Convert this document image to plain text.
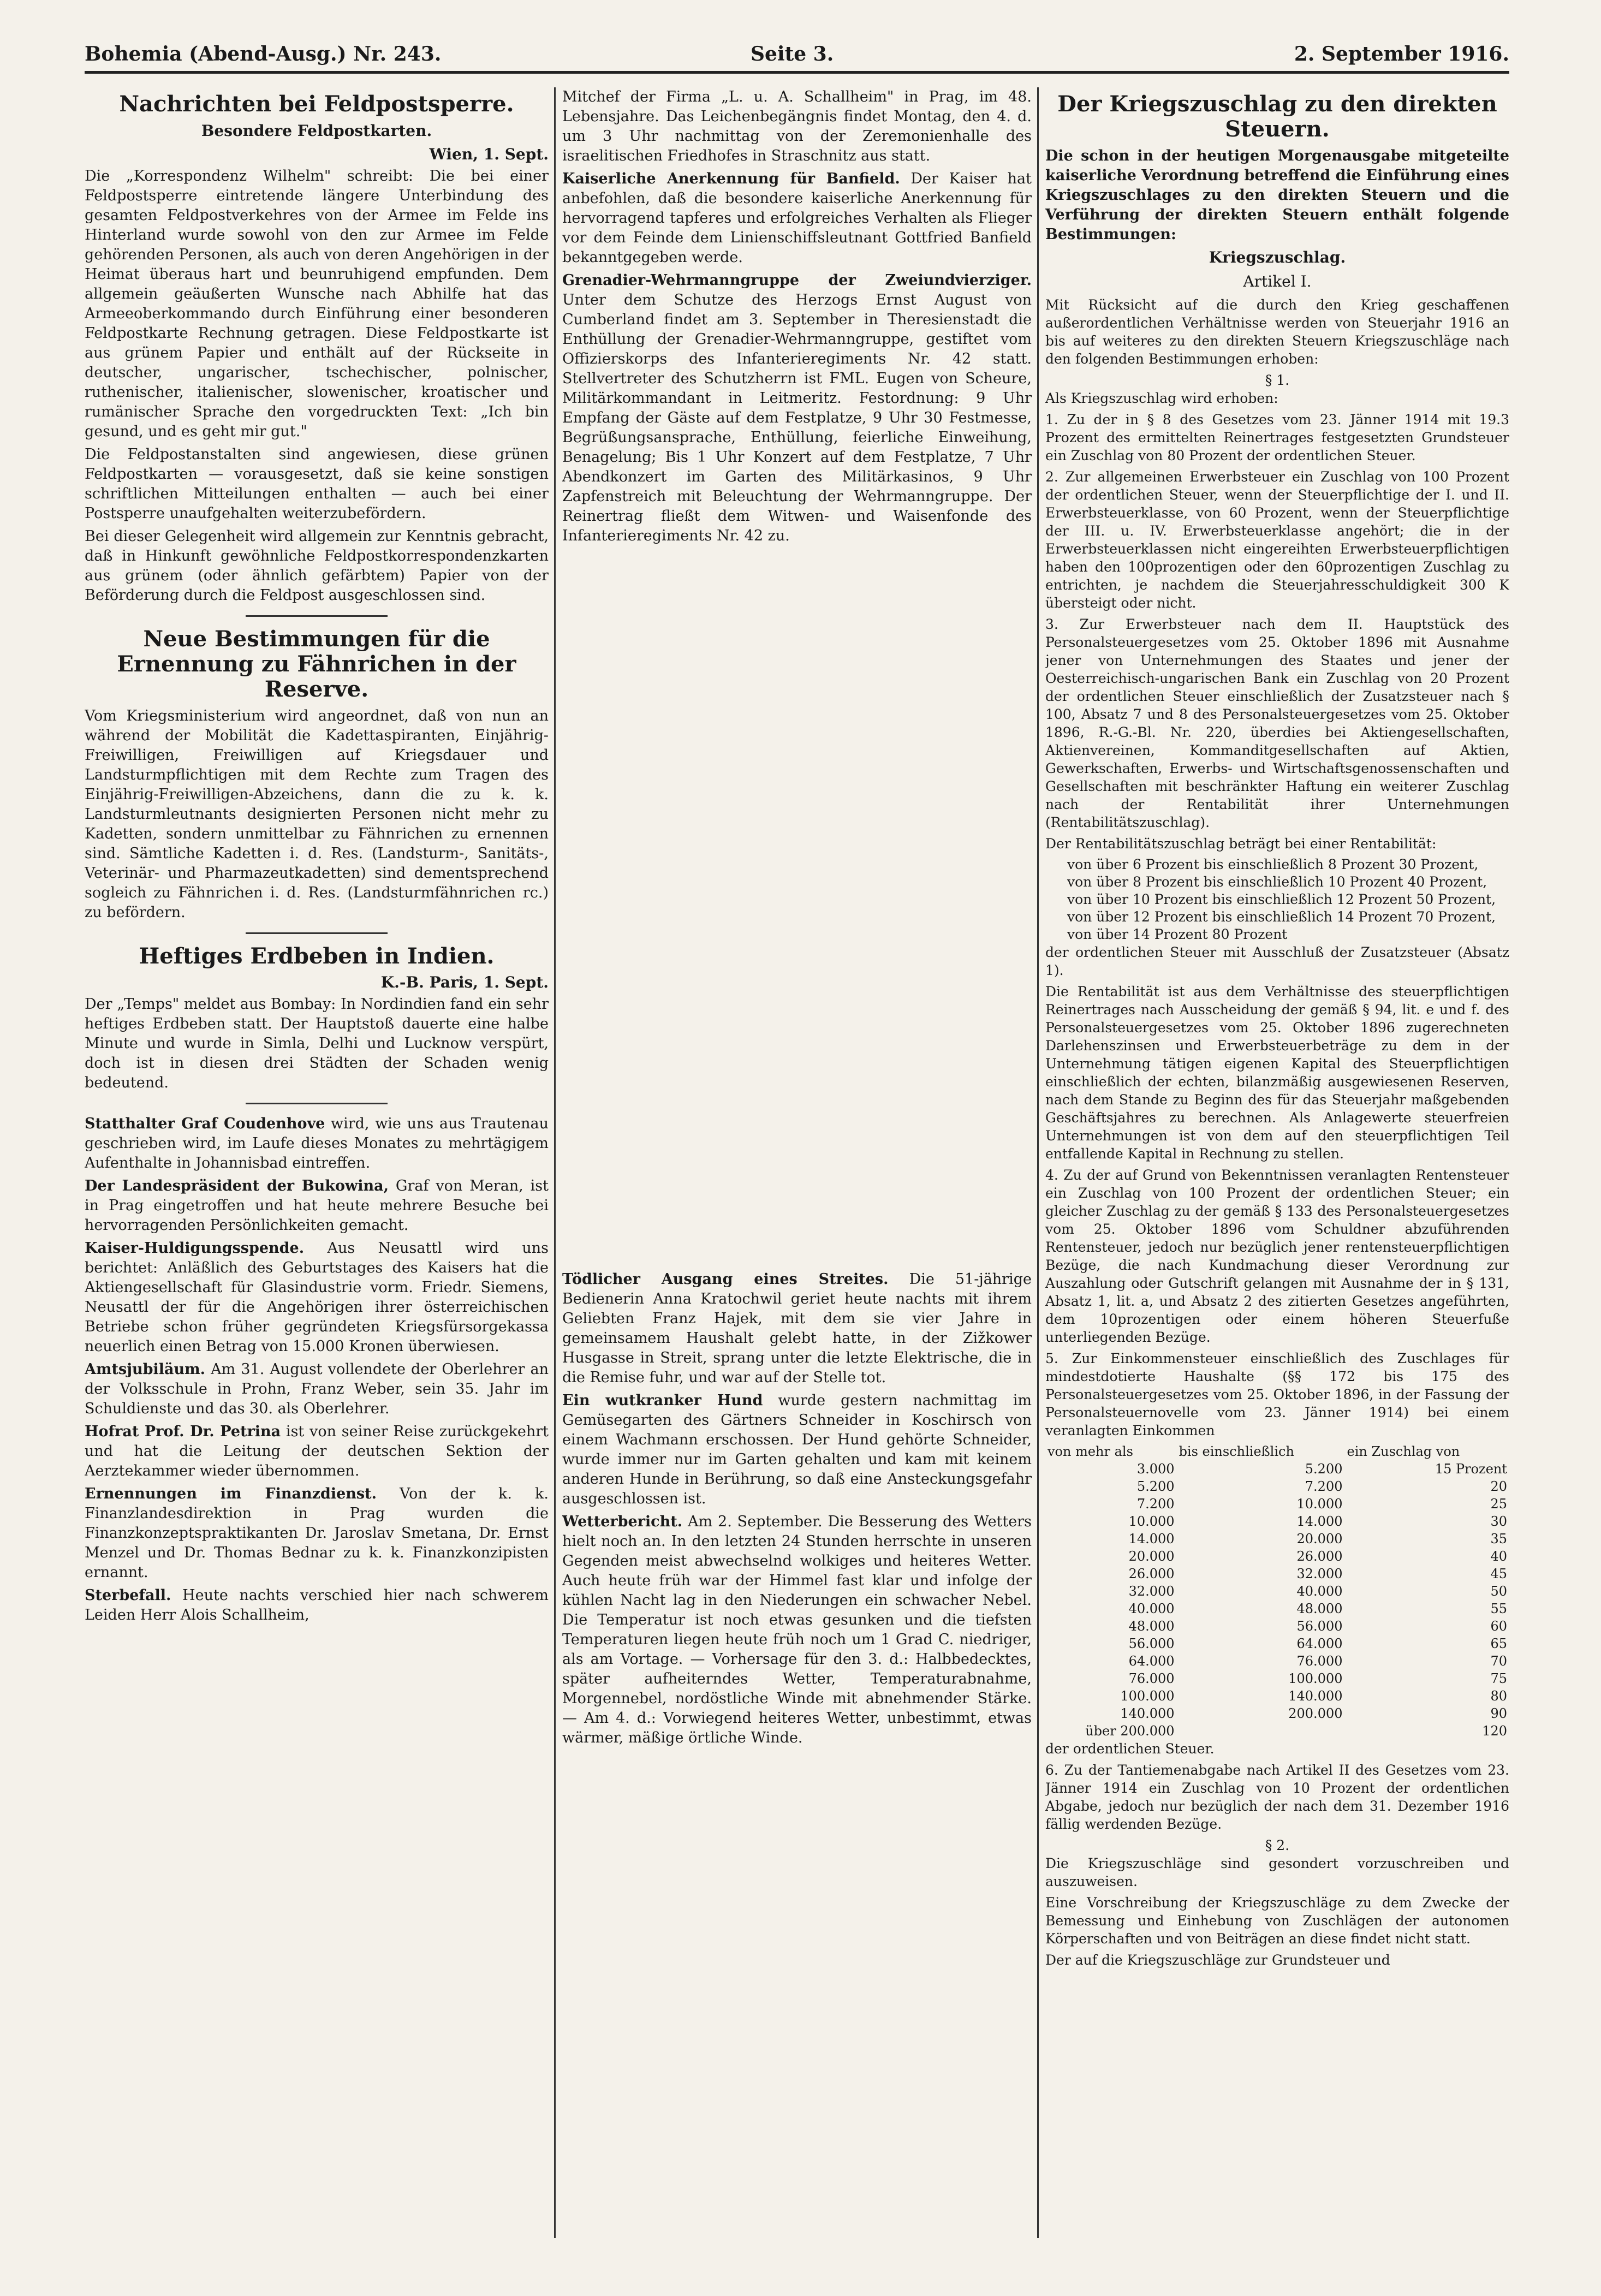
Bohemia (Abend-Ausg.) Nr. 243.	Seite 3.	2. September 1916.
Nachrichten bei Feldpostsperre.
Besondere Feldpostkarten.
Wien, 1. Sept.

Die „Korrespondenz Wilhelm" schreibt: Die bei einer Feldpostsperre eintretende längere Unterbindung des gesamten Feldpostverkehres von der Armee im Felde ins Hinterland wurde sowohl von den zur Armee im Felde gehörenden Personen, als auch von deren Angehörigen in der Heimat überaus hart und beunruhigend empfunden. Dem allgemein geäußerten Wunsche nach Abhilfe hat das Armeeoberkommando durch Einführung einer besonderen Feldpostkarte Rechnung getragen. Diese Feldpostkarte ist aus grünem Papier und enthält auf der Rückseite in deutscher, ungarischer, tschechischer, polnischer, ruthenischer, italienischer, slowenischer, kroatischer und rumänischer Sprache den vorgedruckten Text: „Ich bin gesund, und es geht mir gut."

Die Feldpostanstalten sind angewiesen, diese grünen Feldpostkarten — vorausgesetzt, daß sie keine sonstigen schriftlichen Mitteilungen enthalten — auch bei einer Postsperre unaufgehalten weiterzubefördern.

Bei dieser Gelegenheit wird allgemein zur Kenntnis gebracht, daß in Hinkunft gewöhnliche Feldpostkorrespondenzkarten aus grünem (oder ähnlich gefärbtem) Papier von der Beförderung durch die Feldpost ausgeschlossen sind.

Neue Bestimmungen für die Ernennung zu Fähnrichen in der Reserve.

Vom Kriegsministerium wird angeordnet, daß von nun an während der Mobilität die Kadettaspiranten, Einjährig-Freiwilligen, Freiwilligen auf Kriegsdauer und Landsturmpflichtigen mit dem Rechte zum Tragen des Einjährig-Freiwilligen-Abzeichens, dann die zu k. k. Landsturmleutnants designierten Personen nicht mehr zu Kadetten, sondern unmittelbar zu Fähnrichen zu ernennen sind. Sämtliche Kadetten i. d. Res. (Landsturm-, Sanitäts-, Veterinär- und Pharmazeutkadetten) sind dementsprechend sogleich zu Fähnrichen i. d. Res. (Landsturmfähnrichen rc.) zu befördern.

Heftiges Erdbeben in Indien.
K.-B. Paris, 1. Sept.

Der „Temps" meldet aus Bombay: In Nordindien fand ein sehr heftiges Erdbeben statt. Der Hauptstoß dauerte eine halbe Minute und wurde in Simla, Delhi und Lucknow verspürt, doch ist in diesen drei Städten der Schaden wenig bedeutend.

Statthalter Graf Coudenhove wird, wie uns aus Trautenau geschrieben wird, im Laufe dieses Monates zu mehrtägigem Aufenthalte in Johannisbad eintreffen.

Der Landespräsident der Bukowina, Graf von Meran, ist in Prag eingetroffen und hat heute mehrere Besuche bei hervorragenden Persönlichkeiten gemacht.

Kaiser-Huldigungsspende. Aus Neusattl wird uns berichtet: Anläßlich des Geburtstages des Kaisers hat die Aktiengesellschaft für Glasindustrie vorm. Friedr. Siemens, Neusattl der für die Angehörigen ihrer österreichischen Betriebe schon früher gegründeten Kriegsfürsorgekassa neuerlich einen Betrag von 15.000 Kronen überwiesen.

Amtsjubiläum. Am 31. August vollendete der Oberlehrer an der Volksschule in Prohn, Franz Weber, sein 35. Jahr im Schuldienste und das 30. als Oberlehrer.

Hofrat Prof. Dr. Petrina ist von seiner Reise zurückgekehrt und hat die Leitung der deutschen Sektion der Aerztekammer wieder übernommen.

Ernennungen im Finanzdienst. Von der k. k. Finanzlandesdirektion in Prag wurden die Finanzkonzeptspraktikanten Dr. Jaroslav Smetana, Dr. Ernst Menzel und Dr. Thomas Bednar zu k. k. Finanzkonzipisten ernannt.

Sterbefall. Heute nachts verschied hier nach schwerem Leiden Herr Alois Schallheim,

Mitchef der Firma „L. u. A. Schallheim" in Prag, im 48. Lebensjahre. Das Leichenbegängnis findet Montag, den 4. d. um 3 Uhr nachmittag von der Zeremonienhalle des israelitischen Friedhofes in Straschnitz aus statt.

Kaiserliche Anerkennung für Banfield. Der Kaiser hat anbefohlen, daß die besondere kaiserliche Anerkennung für hervorragend tapferes und erfolgreiches Verhalten als Flieger vor dem Feinde dem Linienschiffsleutnant Gottfried Banfield bekanntgegeben werde.

Grenadier-Wehrmanngruppe der Zweiundvierziger. Unter dem Schutze des Herzogs Ernst August von Cumberland findet am 3. September in Theresienstadt die Enthüllung der Grenadier-Wehrmanngruppe, gestiftet vom Offizierskorps des Infanterieregiments Nr. 42 statt. Stellvertreter des Schutzherrn ist FML. Eugen von Scheure, Militärkommandant in Leitmeritz. Festordnung: 9 Uhr Empfang der Gäste auf dem Festplatze, 9 Uhr 30 Festmesse, Begrüßungsansprache, Enthüllung, feierliche Einweihung, Benagelung; Bis 1 Uhr Konzert auf dem Festplatze, 7 Uhr Abendkonzert im Garten des Militärkasinos, 9 Uhr Zapfenstreich mit Beleuchtung der Wehrmanngruppe. Der Reinertrag fließt dem Witwen- und Waisenfonde des Infanterieregiments Nr. 42 zu.

Tödlicher Ausgang eines Streites. Die 51-jährige Bedienerin Anna Kratochwil geriet heute nachts mit ihrem Geliebten Franz Hajek, mit dem sie vier Jahre in gemeinsamem Haushalt gelebt hatte, in der Zižkower Husgasse in Streit, sprang unter die letzte Elektrische, die in die Remise fuhr, und war auf der Stelle tot.

Ein wutkranker Hund wurde gestern nachmittag im Gemüsegarten des Gärtners Schneider in Koschirsch von einem Wachmann erschossen. Der Hund gehörte Schneider, wurde immer nur im Garten gehalten und kam mit keinem anderen Hunde in Berührung, so daß eine Ansteckungsgefahr ausgeschlossen ist.

Wetterbericht. Am 2. September. Die Besserung des Wetters hielt noch an. In den letzten 24 Stunden herrschte in unseren Gegenden meist abwechselnd wolkiges und heiteres Wetter. Auch heute früh war der Himmel fast klar und infolge der kühlen Nacht lag in den Niederungen ein schwacher Nebel. Die Temperatur ist noch etwas gesunken und die tiefsten Temperaturen liegen heute früh noch um 1 Grad C. niedriger, als am Vortage. — Vorhersage für den 3. d.: Halbbedecktes, später aufheiterndes Wetter, Temperaturabnahme, Morgennebel, nordöstliche Winde mit abnehmender Stärke. — Am 4. d.: Vorwiegend heiteres Wetter, unbestimmt, etwas wärmer, mäßige örtliche Winde.

Der Kriegszuschlag zu den direkten Steuern.

Die schon in der heutigen Morgenausgabe mitgeteilte kaiserliche Verordnung betreffend die Einführung eines Kriegszuschlages zu den direkten Steuern und die Verführung der direkten Steuern enthält folgende Bestimmungen:

Kriegszuschlag.
Artikel I.

Mit Rücksicht auf die durch den Krieg geschaffenen außerordentlichen Verhältnisse werden von Steuerjahr 1916 an bis auf weiteres zu den direkten Steuern Kriegszuschläge nach den folgenden Bestimmungen erhoben:

§ 1.

Als Kriegszuschlag wird erhoben:

1. Zu der in § 8 des Gesetzes vom 23. Jänner 1914 mit 19.3 Prozent des ermittelten Reinertrages festgesetzten Grundsteuer ein Zuschlag von 80 Prozent der ordentlichen Steuer.

2. Zur allgemeinen Erwerbsteuer ein Zuschlag von 100 Prozent der ordentlichen Steuer, wenn der Steuerpflichtige der I. und II. Erwerbsteuerklasse, von 60 Prozent, wenn der Steuerpflichtige der III. u. IV. Erwerbsteuerklasse angehört; die in der Erwerbsteuerklassen nicht eingereihten Erwerbsteuerpflichtigen haben den 100prozentigen oder den 60prozentigen Zuschlag zu entrichten, je nachdem die Steuerjahresschuldigkeit 300 K übersteigt oder nicht.

3. Zur Erwerbsteuer nach dem II. Hauptstück des Personalsteuergesetzes vom 25. Oktober 1896 mit Ausnahme jener von Unternehmungen des Staates und jener der Oesterreichisch-ungarischen Bank ein Zuschlag von 20 Prozent der ordentlichen Steuer einschließlich der Zusatzsteuer nach § 100, Absatz 7 und 8 des Personalsteuergesetzes vom 25. Oktober 1896, R.-G.-Bl. Nr. 220, überdies bei Aktiengesellschaften, Aktienvereinen, Kommanditgesellschaften auf Aktien, Gewerkschaften, Erwerbs- und Wirtschaftsgenossenschaften und Gesellschaften mit beschränkter Haftung ein weiterer Zuschlag nach der Rentabilität ihrer Unternehmungen (Rentabilitätszuschlag).

Der Rentabilitätszuschlag beträgt bei einer Rentabilität:

von über 6 Prozent bis einschließlich 8 Prozent 30 Prozent,

von über 8 Prozent bis einschließlich 10 Prozent 40 Prozent,

von über 10 Prozent bis einschließlich 12 Prozent 50 Prozent,

von über 12 Prozent bis einschließlich 14 Prozent 70 Prozent,

von über 14 Prozent 80 Prozent

der ordentlichen Steuer mit Ausschluß der Zusatzsteuer (Absatz 1).

Die Rentabilität ist aus dem Verhältnisse des steuerpflichtigen Reinertrages nach Ausscheidung der gemäß § 94, lit. e und f. des Personalsteuergesetzes vom 25. Oktober 1896 zugerechneten Darlehenszinsen und Erwerbsteuerbeträge zu dem in der Unternehmung tätigen eigenen Kapital des Steuerpflichtigen einschließlich der echten, bilanzmäßig ausgewiesenen Reserven, nach dem Stande zu Beginn des für das Steuerjahr maßgebenden Geschäftsjahres zu berechnen. Als Anlagewerte steuerfreien Unternehmungen ist von dem auf den steuerpflichtigen Teil entfallende Kapital in Rechnung zu stellen.

4. Zu der auf Grund von Bekenntnissen veranlagten Rentensteuer ein Zuschlag von 100 Prozent der ordentlichen Steuer; ein gleicher Zuschlag zu der gemäß § 133 des Personalsteuergesetzes vom 25. Oktober 1896 vom Schuldner abzuführenden Rentensteuer, jedoch nur bezüglich jener rentensteuerpflichtigen Bezüge, die nach Kundmachung dieser Verordnung zur Auszahlung oder Gutschrift gelangen mit Ausnahme der in § 131, Absatz 1, lit. a, und Absatz 2 des zitierten Gesetzes angeführten, dem 10prozentigen oder einem höheren Steuerfuße unterliegenden Bezüge.

5. Zur Einkommensteuer einschließlich des Zuschlages für mindestdotierte Haushalte (§§ 172 bis 175 des Personalsteuergesetzes vom 25. Oktober 1896, in der Fassung der Personalsteuernovelle vom 23. Jänner 1914) bei einem veranlagten Einkommen

von mehr als	bis einschließlich	ein Zuschlag von
3.000	5.200	15 Prozent
5.200	7.200	20
7.200	10.000	25
10.000	14.000	30
14.000	20.000	35
20.000	26.000	40
26.000	32.000	45
32.000	40.000	50
40.000	48.000	55
48.000	56.000	60
56.000	64.000	65
64.000	76.000	70
76.000	100.000	75
100.000	140.000	80
140.000	200.000	90
über 200.000		120

der ordentlichen Steuer.

6. Zu der Tantiemenabgabe nach Artikel II des Gesetzes vom 23. Jänner 1914 ein Zuschlag von 10 Prozent der ordentlichen Abgabe, jedoch nur bezüglich der nach dem 31. Dezember 1916 fällig werdenden Bezüge.

§ 2.

Die Kriegszuschläge sind gesondert vorzuschreiben und auszuweisen.

Eine Vorschreibung der Kriegszuschläge zu dem Zwecke der Bemessung und Einhebung von Zuschlägen der autonomen Körperschaften und von Beiträgen an diese findet nicht statt.

Der auf die Kriegszuschläge zur Grundsteuer und
